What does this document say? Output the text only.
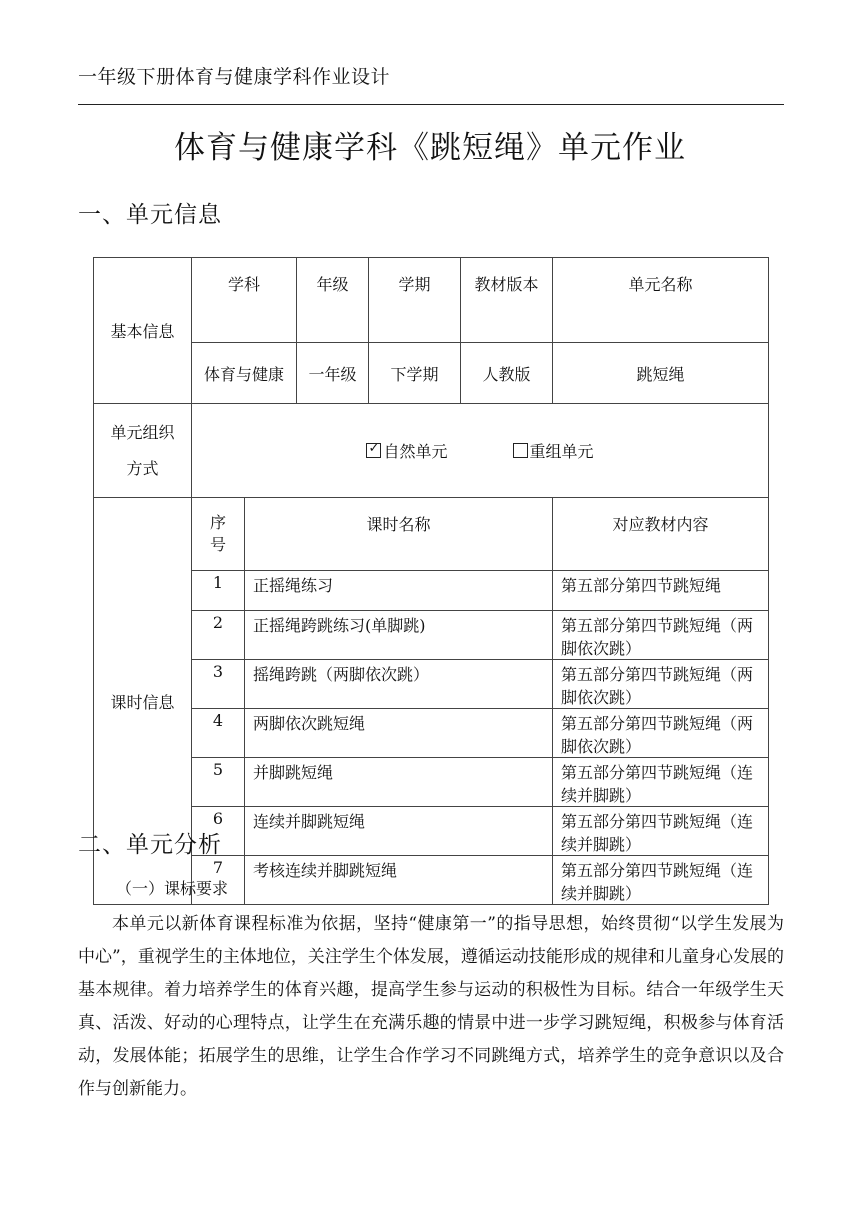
一年级下册体育与健康学科作业设计
体育与健康学科《跳短绳》单元作业
一、单元信息
基本信息	学科		年级	学期	教材版本	单元名称
	体育与健康		一年级	下学期	人教版	跳短绳
单元组织方式	✓自然单元 重组单元
课时信息	序号	课时名称				对应教材内容
	1	正摇绳练习				第五部分第四节跳短绳
	2	正摇绳跨跳练习(单脚跳)				第五部分第四节跳短绳（两脚依次跳）
	3	摇绳跨跳（两脚依次跳）				第五部分第四节跳短绳（两脚依次跳）
	4	两脚依次跳短绳				第五部分第四节跳短绳（两脚依次跳）
	5	并脚跳短绳				第五部分第四节跳短绳（连续并脚跳）
	6	连续并脚跳短绳				第五部分第四节跳短绳（连续并脚跳）
	7	考核连续并脚跳短绳				第五部分第四节跳短绳（连续并脚跳）
二、单元分析
（一）课标要求
本单元以新体育课程标准为依据，坚持“健康第一”的指导思想，始终贯彻“以学生发展为中心”，重视学生的主体地位，关注学生个体发展，遵循运动技能形成的规律和儿童身心发展的基本规律。着力培养学生的体育兴趣，提高学生参与运动的积极性为目标。结合一年级学生天真、活泼、好动的心理特点，让学生在充满乐趣的情景中进一步学习跳短绳，积极参与体育活动，发展体能；拓展学生的思维，让学生合作学习不同跳绳方式，培养学生的竞争意识以及合作与创新能力。
